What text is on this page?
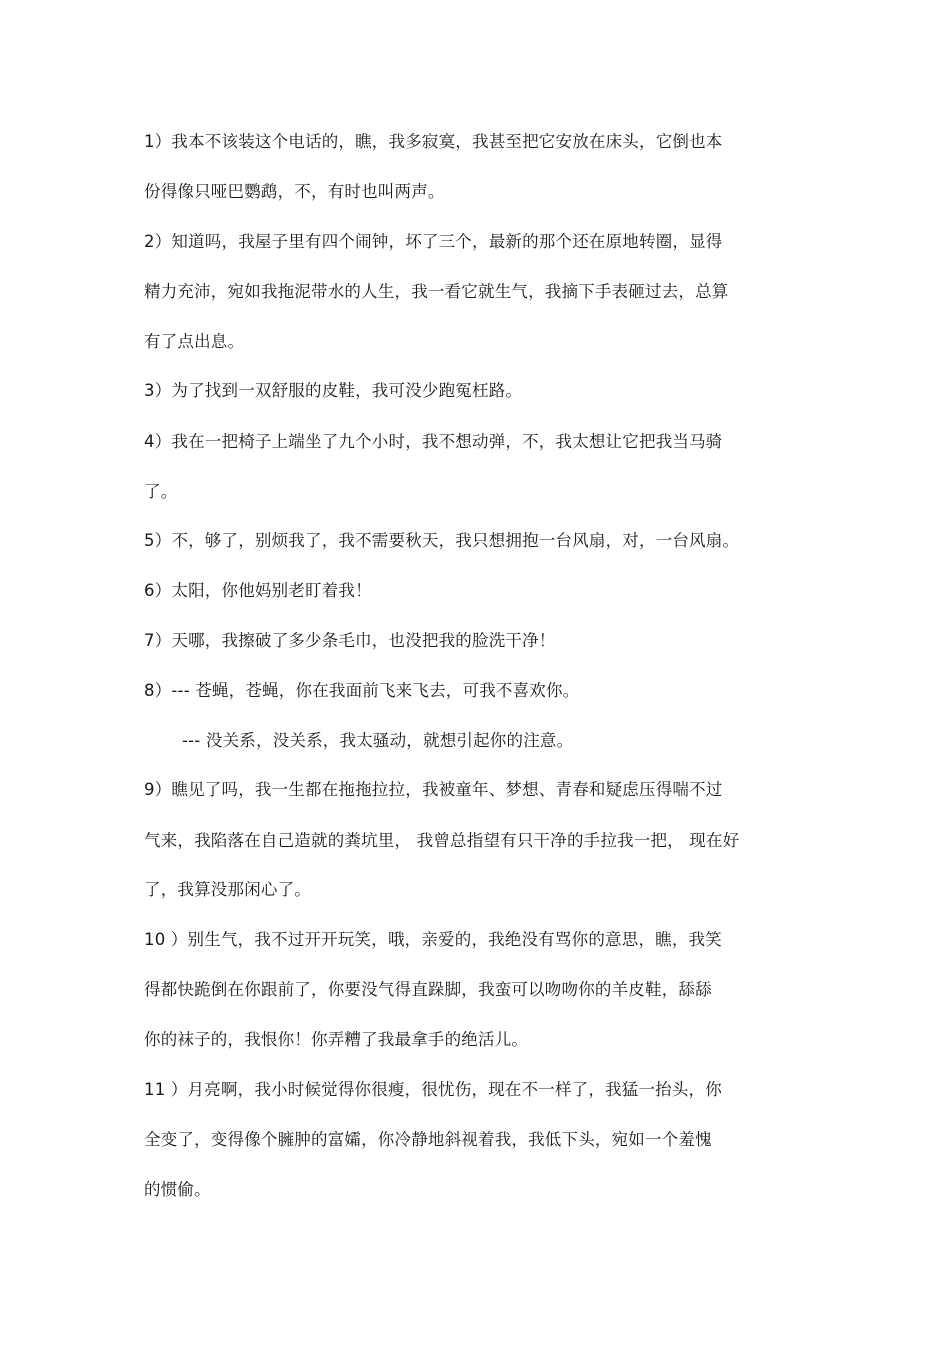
1）我本不该装这个电话的，瞧，我多寂寞，我甚至把它安放在床头，它倒也本
份得像只哑巴鹦鹉，不，有时也叫两声。
2）知道吗，我屋子里有四个闹钟，坏了三个，最新的那个还在原地转圈，显得
精力充沛，宛如我拖泥带水的人生，我一看它就生气，我摘下手表砸过去，总算
有了点出息。
3）为了找到一双舒服的皮鞋，我可没少跑冤枉路。
4）我在一把椅子上端坐了九个小时，我不想动弹，不，我太想让它把我当马骑
了。
5）不，够了，别烦我了，我不需要秋天，我只想拥抱一台风扇，对，一台风扇。
6）太阳，你他妈别老盯着我！
7）天哪，我擦破了多少条毛巾，也没把我的脸洗干净！
8）--- 苍蝇，苍蝇，你在我面前飞来飞去，可我不喜欢你。
--- 没关系，没关系，我太骚动，就想引起你的注意。
9）瞧见了吗，我一生都在拖拖拉拉，我被童年、梦想、青春和疑虑压得喘不过
气来，我陷落在自己造就的粪坑里， 我曾总指望有只干净的手拉我一把， 现在好
了，我算没那闲心了。
10 ）别生气，我不过开开玩笑，哦，亲爱的，我绝没有骂你的意思，瞧，我笑
得都快跪倒在你跟前了，你要没气得直跺脚，我蛮可以吻吻你的羊皮鞋，舔舔
你的袜子的，我恨你！你弄糟了我最拿手的绝活儿。
11 ）月亮啊，我小时候觉得你很瘦，很忧伤，现在不一样了，我猛一抬头，你
全变了，变得像个臃肿的富孀，你冷静地斜视着我，我低下头，宛如一个羞愧
的惯偷。
